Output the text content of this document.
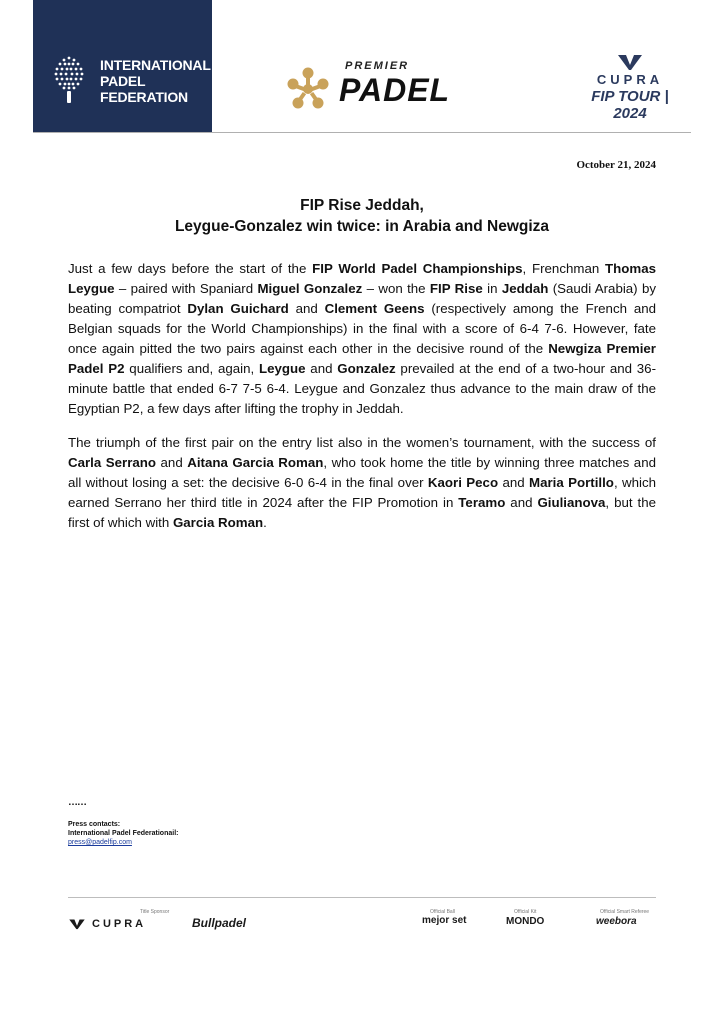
INTERNATIONAL
PADEL
FEDERATION
PREMIER
PADEL	CUPRA
FIP TOUR | 2024
October 21, 2024
FIP Rise Jeddah,
Leygue-Gonzalez win twice: in Arabia and Newgiza
Just a few days before the start of the FIP World Padel Championships, Frenchman Thomas Leygue – paired with Spaniard Miguel Gonzalez – won the FIP Rise in Jeddah (Saudi Arabia) by beating compatriot Dylan Guichard and Clement Geens (respectively among the French and Belgian squads for the World Championships) in the final with a score of 6-4 7-6. However, fate once again pitted the two pairs against each other in the decisive round of the Newgiza Premier Padel P2 qualifiers and, again, Leygue and Gonzalez prevailed at the end of a two-hour and 36-minute battle that ended 6-7 7-5 6-4. Leygue and Gonzalez thus advance to the main draw of the Egyptian P2, a few days after lifting the trophy in Jeddah.
The triumph of the first pair on the entry list also in the women’s tournament, with the success of Carla Serrano and Aitana Garcia Roman, who took home the title by winning three matches and all without losing a set: the decisive 6-0 6-4 in the final over Kaori Peco and Maria Portillo, which earned Serrano her third title in 2024 after the FIP Promotion in Teramo and Giulianova, but the first of which with Garcia Roman.
……
Press contacts:
International Padel Federationail:
press@padelfip.com
Title Sponsor	Official Ball	Official Kit	Official Smart Referee
CUPRA	Bullpadel	mejor set	MONDO	weebora
